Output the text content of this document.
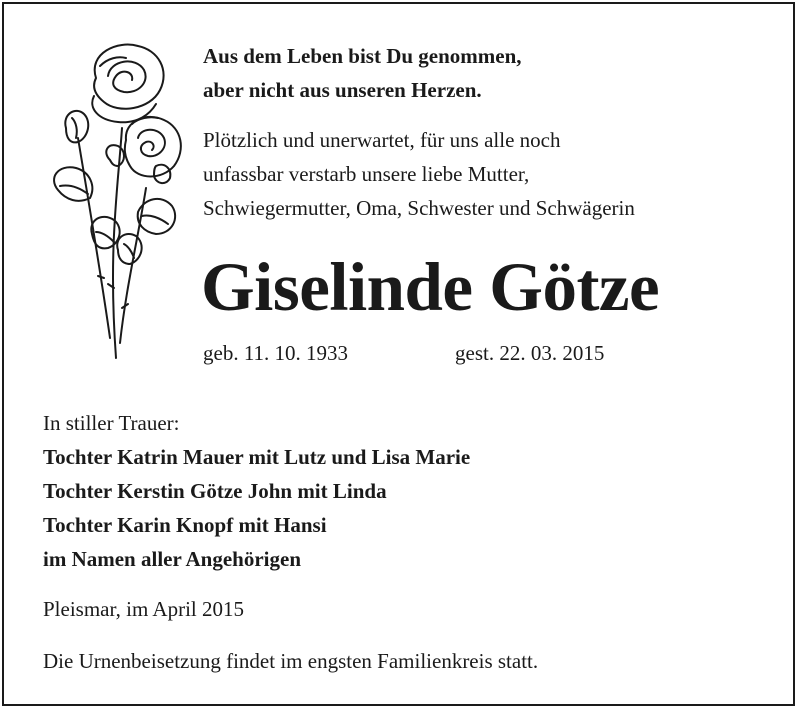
Aus dem Leben bist Du genommen,

aber nicht aus unseren Herzen.

Plötzlich und unerwartet, für uns alle noch

unfassbar verstarb unsere liebe Mutter,

Schwiegermutter, Oma, Schwester und Schwägerin

Giselinde Götze

geb. 11. 10. 1933	gest. 22. 03. 2015

In stiller Trauer:

Tochter Katrin Mauer mit Lutz und Lisa Marie

Tochter Kerstin Götze John mit Linda

Tochter Karin Knopf mit Hansi

im Namen aller Angehörigen

Pleismar, im April 2015

Die Urnenbeisetzung findet im engsten Familienkreis statt.
